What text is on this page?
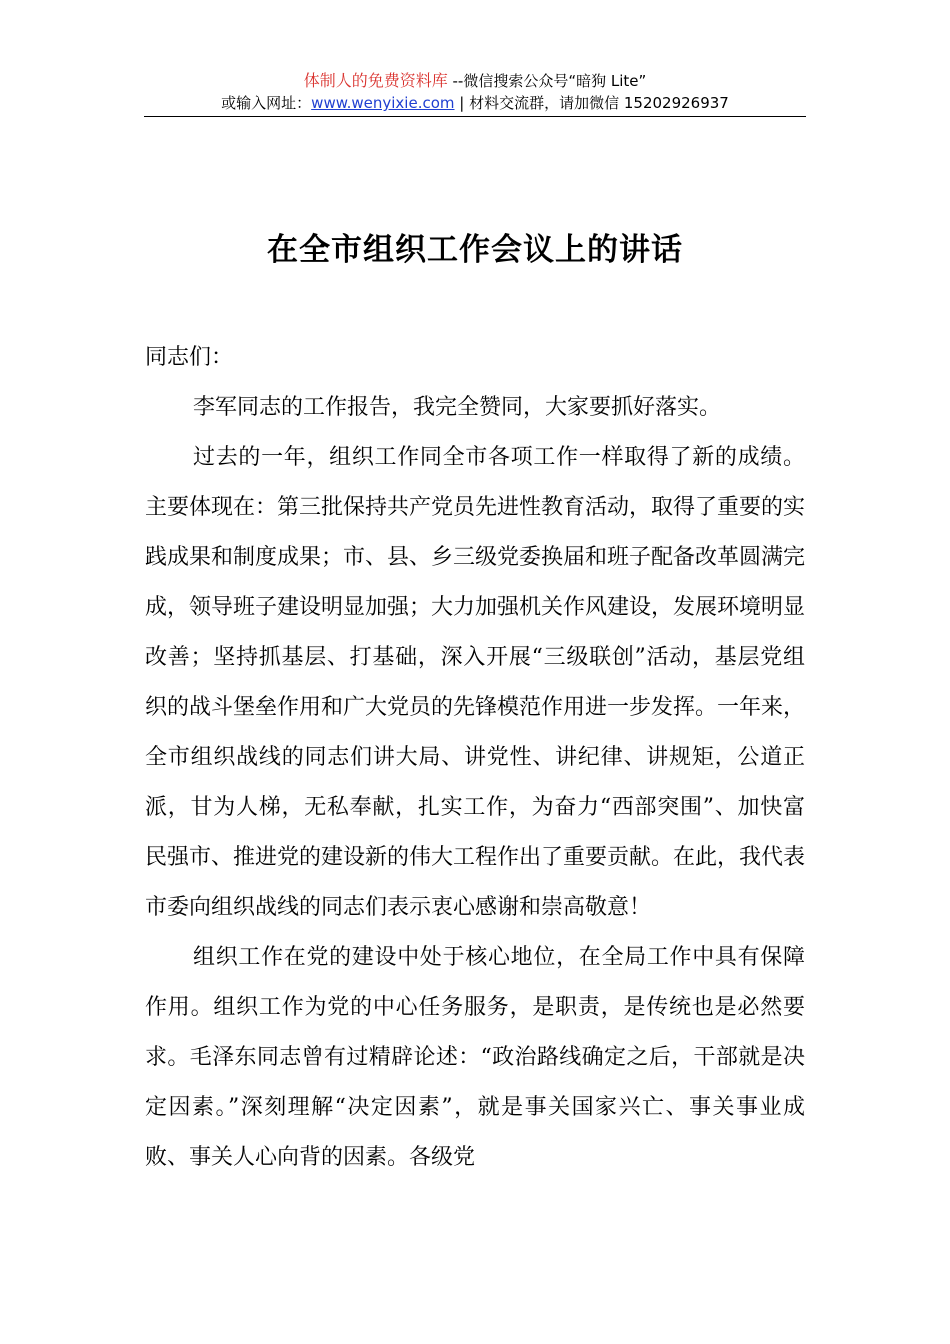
体制人的免费资料库 --微信搜索公众号“暗狗 Lite”
或输入网址：www.wenyixie.com | 材料交流群，请加微信 15202926937
在全市组织工作会议上的讲话

同志们：

李军同志的工作报告，我完全赞同，大家要抓好落实。

过去的一年，组织工作同全市各项工作一样取得了新的成绩。主要体现在：第三批保持共产党员先进性教育活动，取得了重要的实践成果和制度成果；市、县、乡三级党委换届和班子配备改革圆满完成，领导班子建设明显加强；大力加强机关作风建设，发展环境明显改善；坚持抓基层、打基础，深入开展“三级联创”活动，基层党组织的战斗堡垒作用和广大党员的先锋模范作用进一步发挥。一年来，全市组织战线的同志们讲大局、讲党性、讲纪律、讲规矩，公道正派，甘为人梯，无私奉献，扎实工作，为奋力“西部突围”、加快富民强市、推进党的建设新的伟大工程作出了重要贡献。在此，我代表市委向组织战线的同志们表示衷心感谢和崇高敬意！

组织工作在党的建设中处于核心地位，在全局工作中具有保障作用。组织工作为党的中心任务服务，是职责，是传统也是必然要求。毛泽东同志曾有过精辟论述：“政治路线确定之后，干部就是决定因素。”深刻理解“决定因素”，就是事关国家兴亡、事关事业成败、事关人心向背的因素。各级党
